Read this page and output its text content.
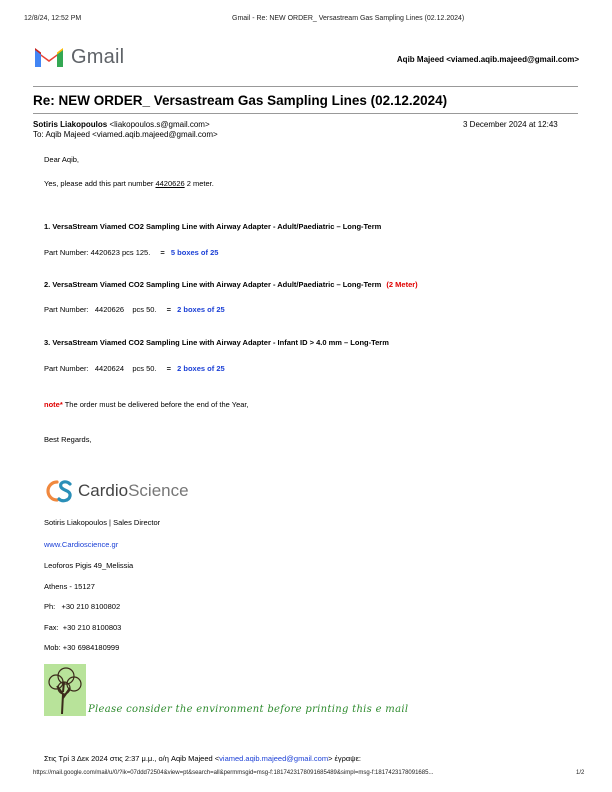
12/8/24, 12:52 PM	Gmail - Re: NEW ORDER_ Versastream Gas Sampling Lines (02.12.2024)
Gmail	Aqib Majeed <viamed.aqib.majeed@gmail.com>
Re: NEW ORDER_ Versastream Gas Sampling Lines (02.12.2024)
Sotiris Liakopoulos <liakopoulos.s@gmail.com>	3 December 2024 at 12:43
To: Aqib Majeed <viamed.aqib.majeed@gmail.com>
Dear Aqib,
Yes, please add this part number 4420626 2 meter.
1. VersaStream Viamed CO2 Sampling Line with Airway Adapter - Adult/Paediatric – Long-Term
Part Number: 4420623 pcs 125. = 5 boxes of 25
2. VersaStream Viamed CO2 Sampling Line with Airway Adapter - Adult/Paediatric – Long-Term (2 Meter)
Part Number:   4420626    pcs 50. = 2 boxes of 25
3. VersaStream Viamed CO2 Sampling Line with Airway Adapter - Infant ID > 4.0 mm – Long-Term
Part Number:   4420624    pcs 50. = 2 boxes of 25
note* The order must be delivered before the end of the Year,
Best Regards,
CardioScience
Sotiris Liakopoulos | Sales Director
www.Cardioscience.gr
Leoforos Pigis 49_Melissia
Athens - 15127
Ph:   +30 210 8100802
Fax:  +30 210 8100803
Mob: +30 6984180999
Please consider the environment before printing this e mail
Στις Τρί 3 Δεκ 2024 στις 2:37 μ.μ., ο/η Aqib Majeed <viamed.aqib.majeed@gmail.com> έγραψε:
https://mail.google.com/mail/u/0/?ik=07ddd72504&view=pt&search=all&permmsgid=msg-f:1817423178091685489&simpl=msg-f:1817423178091685...	1/2
